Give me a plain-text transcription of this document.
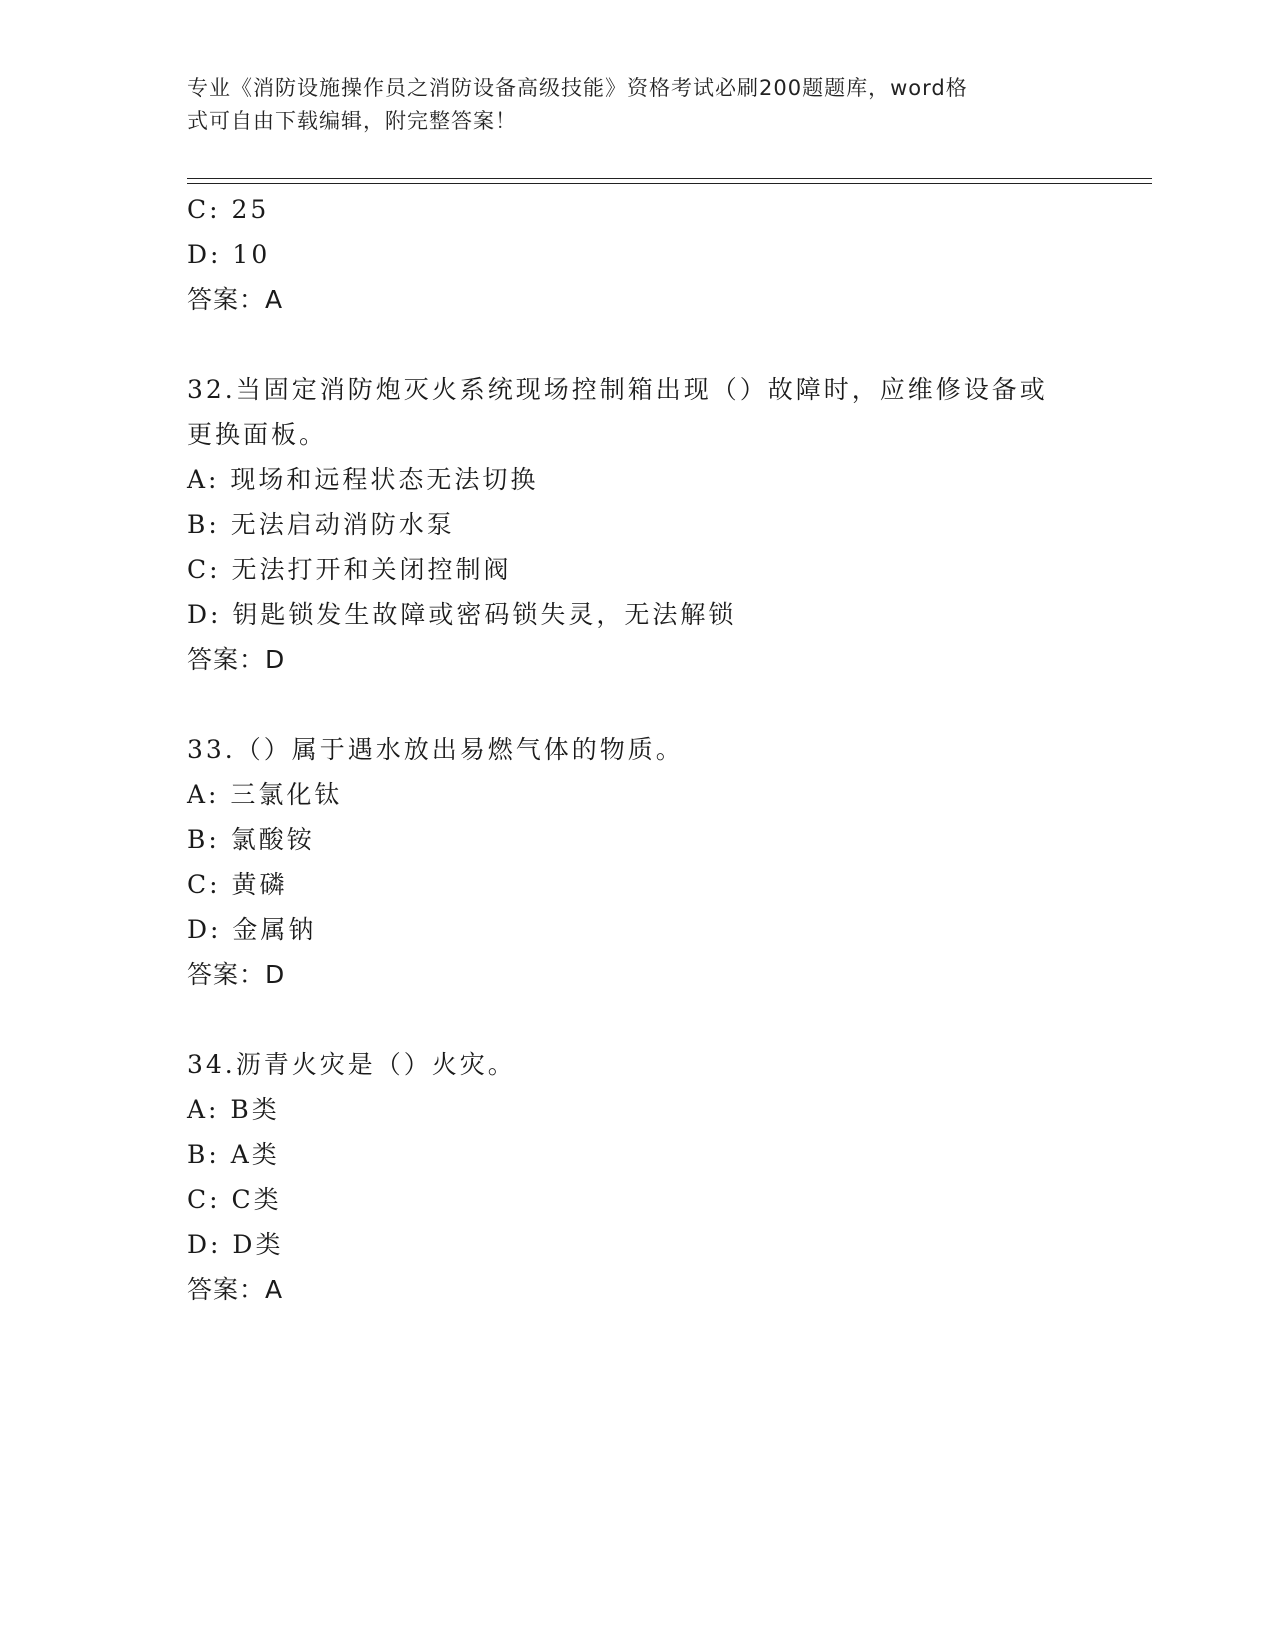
专业《消防设施操作员之消防设备高级技能》资格考试必刷200题题库，word格
式可自由下载编辑，附完整答案！
C: 25
D: 10
答案：A
32.当固定消防炮灭火系统现场控制箱出现（）故障时，应维修设备或
更换面板。
A: 现场和远程状态无法切换
B: 无法启动消防水泵
C: 无法打开和关闭控制阀
D: 钥匙锁发生故障或密码锁失灵，无法解锁
答案：D
33.（）属于遇水放出易燃气体的物质。
A: 三氯化钛
B: 氯酸铵
C: 黄磷
D: 金属钠
答案：D
34.沥青火灾是（）火灾。
A: B类
B: A类
C: C类
D: D类
答案：A
